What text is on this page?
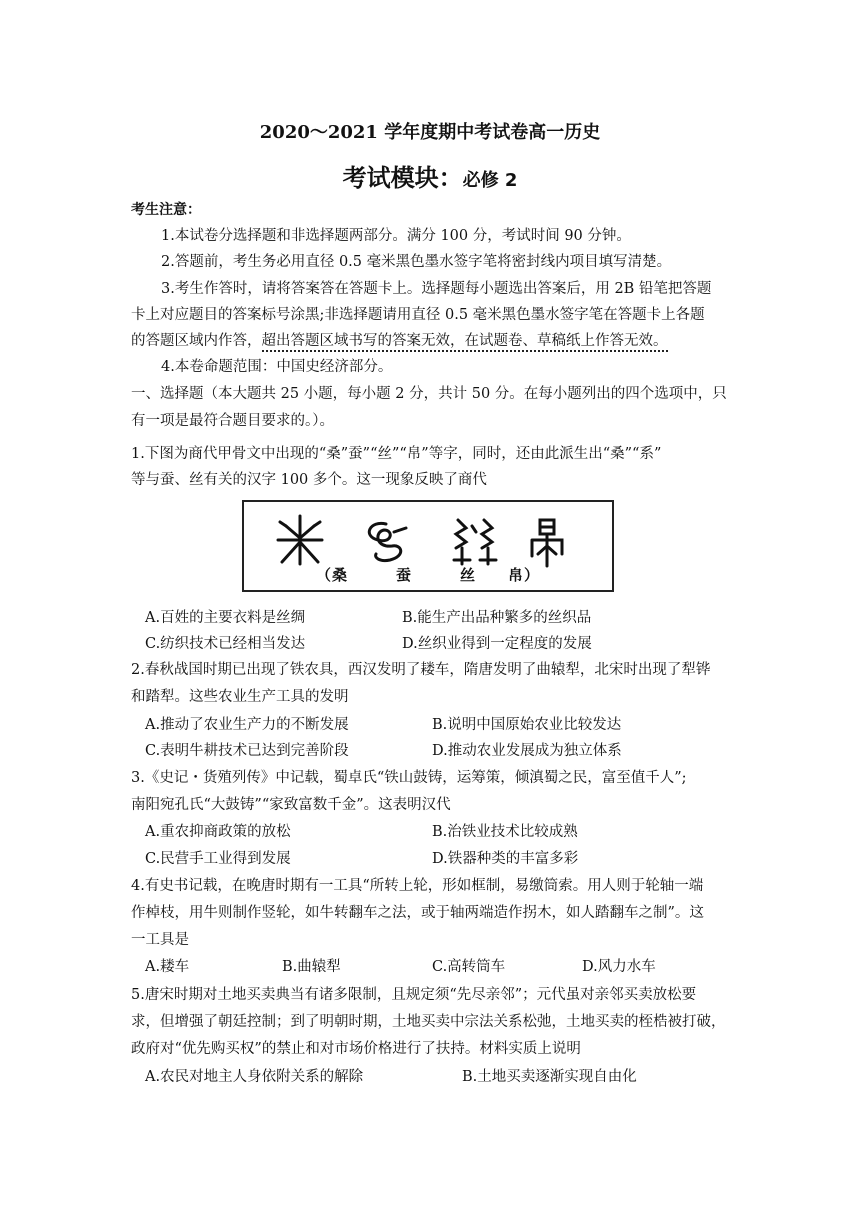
2020～2021 学年度期中考试卷高一历史
考试模块：必修 2
考生注意：
1.本试卷分选择题和非选择题两部分。满分 100 分，考试时间 90 分钟。
2.答题前，考生务必用直径 0.5 毫米黑色墨水签字笔将密封线内项目填写清楚。
3.考生作答时，请将答案答在答题卡上。选择题每小题选出答案后，用 2B 铅笔把答题
卡上对应题目的答案标号涂黑;非选择题请用直径 0.5 毫米黑色墨水签字笔在答题卡上各题
的答题区域内作答，超出答题区域书写的答案无效，在试题卷、草稿纸上作答无效。
4.本卷命题范围：中国史经济部分。
一、选择题（本大题共 25 小题，每小题 2 分，共计 50 分。在每小题列出的四个选项中，只
有一项是最符合题目要求的。）。
1.下图为商代甲骨文中出现的“桑”蚕”“丝”“帛”等字，同时，还由此派生出“桑”“系”
等与蚕、丝有关的汉字 100 多个。这一现象反映了商代
（桑　　　蚕　　　丝　　帛）
A.百姓的主要衣料是丝绸	B.能生产出品种繁多的丝织品
C.纺织技术已经相当发达	D.丝织业得到一定程度的发展
2.春秋战国时期已出现了铁农具，西汉发明了耧车，隋唐发明了曲辕犁，北宋时出现了犁铧
和踏犁。这些农业生产工具的发明
A.推动了农业生产力的不断发展	B.说明中国原始农业比较发达
C.表明牛耕技术已达到完善阶段	D.推动农业发展成为独立体系
3.《史记・货殖列传》中记载，蜀卓氏“铁山鼓铸，运筹策，倾滇蜀之民，富至值千人”;
南阳宛孔氏“大鼓铸”“家致富数千金”。这表明汉代
A.重农抑商政策的放松	B.治铁业技术比较成熟
C.民营手工业得到发展	D.铁器种类的丰富多彩
4.有史书记载，在晚唐时期有一工具“所转上轮，形如框制，易缴筒索。用人则于轮轴一端
作棹枝，用牛则制作竖轮，如牛转翻车之法，或于轴两端造作拐木，如人踏翻车之制”。这
一工具是
A.耧车	B.曲辕犁	C.高转筒车	D.风力水车
5.唐宋时期对土地买卖典当有诸多限制，且规定须“先尽亲邻”；元代虽对亲邻买卖放松要
求，但增强了朝廷控制；到了明朝时期，土地买卖中宗法关系松弛，土地买卖的桎梏被打破，
政府对“优先购买权”的禁止和对市场价格进行了扶持。材料实质上说明
A.农民对地主人身依附关系的解除	B.土地买卖逐渐实现自由化
